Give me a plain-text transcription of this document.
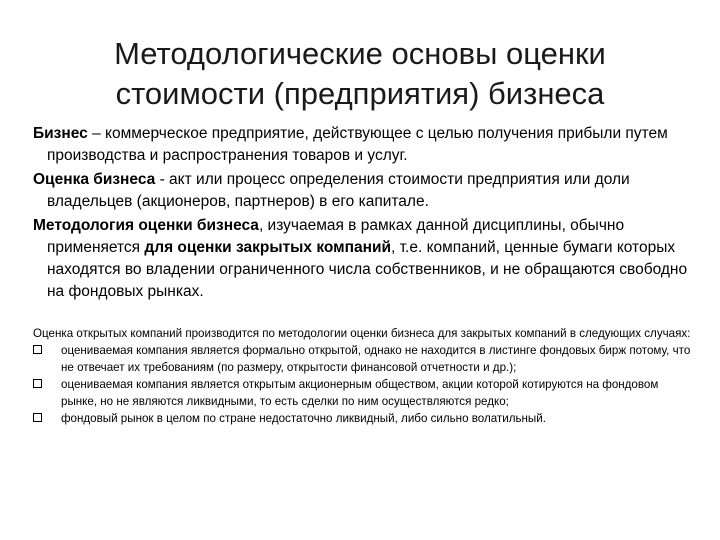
Методологические основы оценки
стоимости (предприятия) бизнеса

Бизнес – коммерческое предприятие, действующее с целью получения прибыли путем производства и распространения товаров и услуг.

Оценка бизнеса - акт или процесс определения стоимости предприятия или доли владельцев (акционеров, партнеров) в его капитале.

Методология оценки бизнеса, изучаемая в рамках данной дисциплины, обычно применяется для оценки закрытых компаний, т.е. компаний, ценные бумаги которых находятся во владении ограниченного числа собственников, и не обращаются свободно на фондовых рынках.

Оценка открытых компаний производится по методологии оценки бизнеса для закрытых компаний в следующих случаях:

оцениваемая компания является формально открытой, однако не находится в листинге фондовых бирж потому, что не отвечает их требованиям (по размеру, открытости финансовой отчетности и др.);
оцениваемая компания является открытым акционерным обществом, акции которой котируются на фондовом рынке, но не являются ликвидными, то есть сделки по ним осуществляются редко;
фондовый рынок в целом по стране недостаточно ликвидный, либо сильно волатильный.
